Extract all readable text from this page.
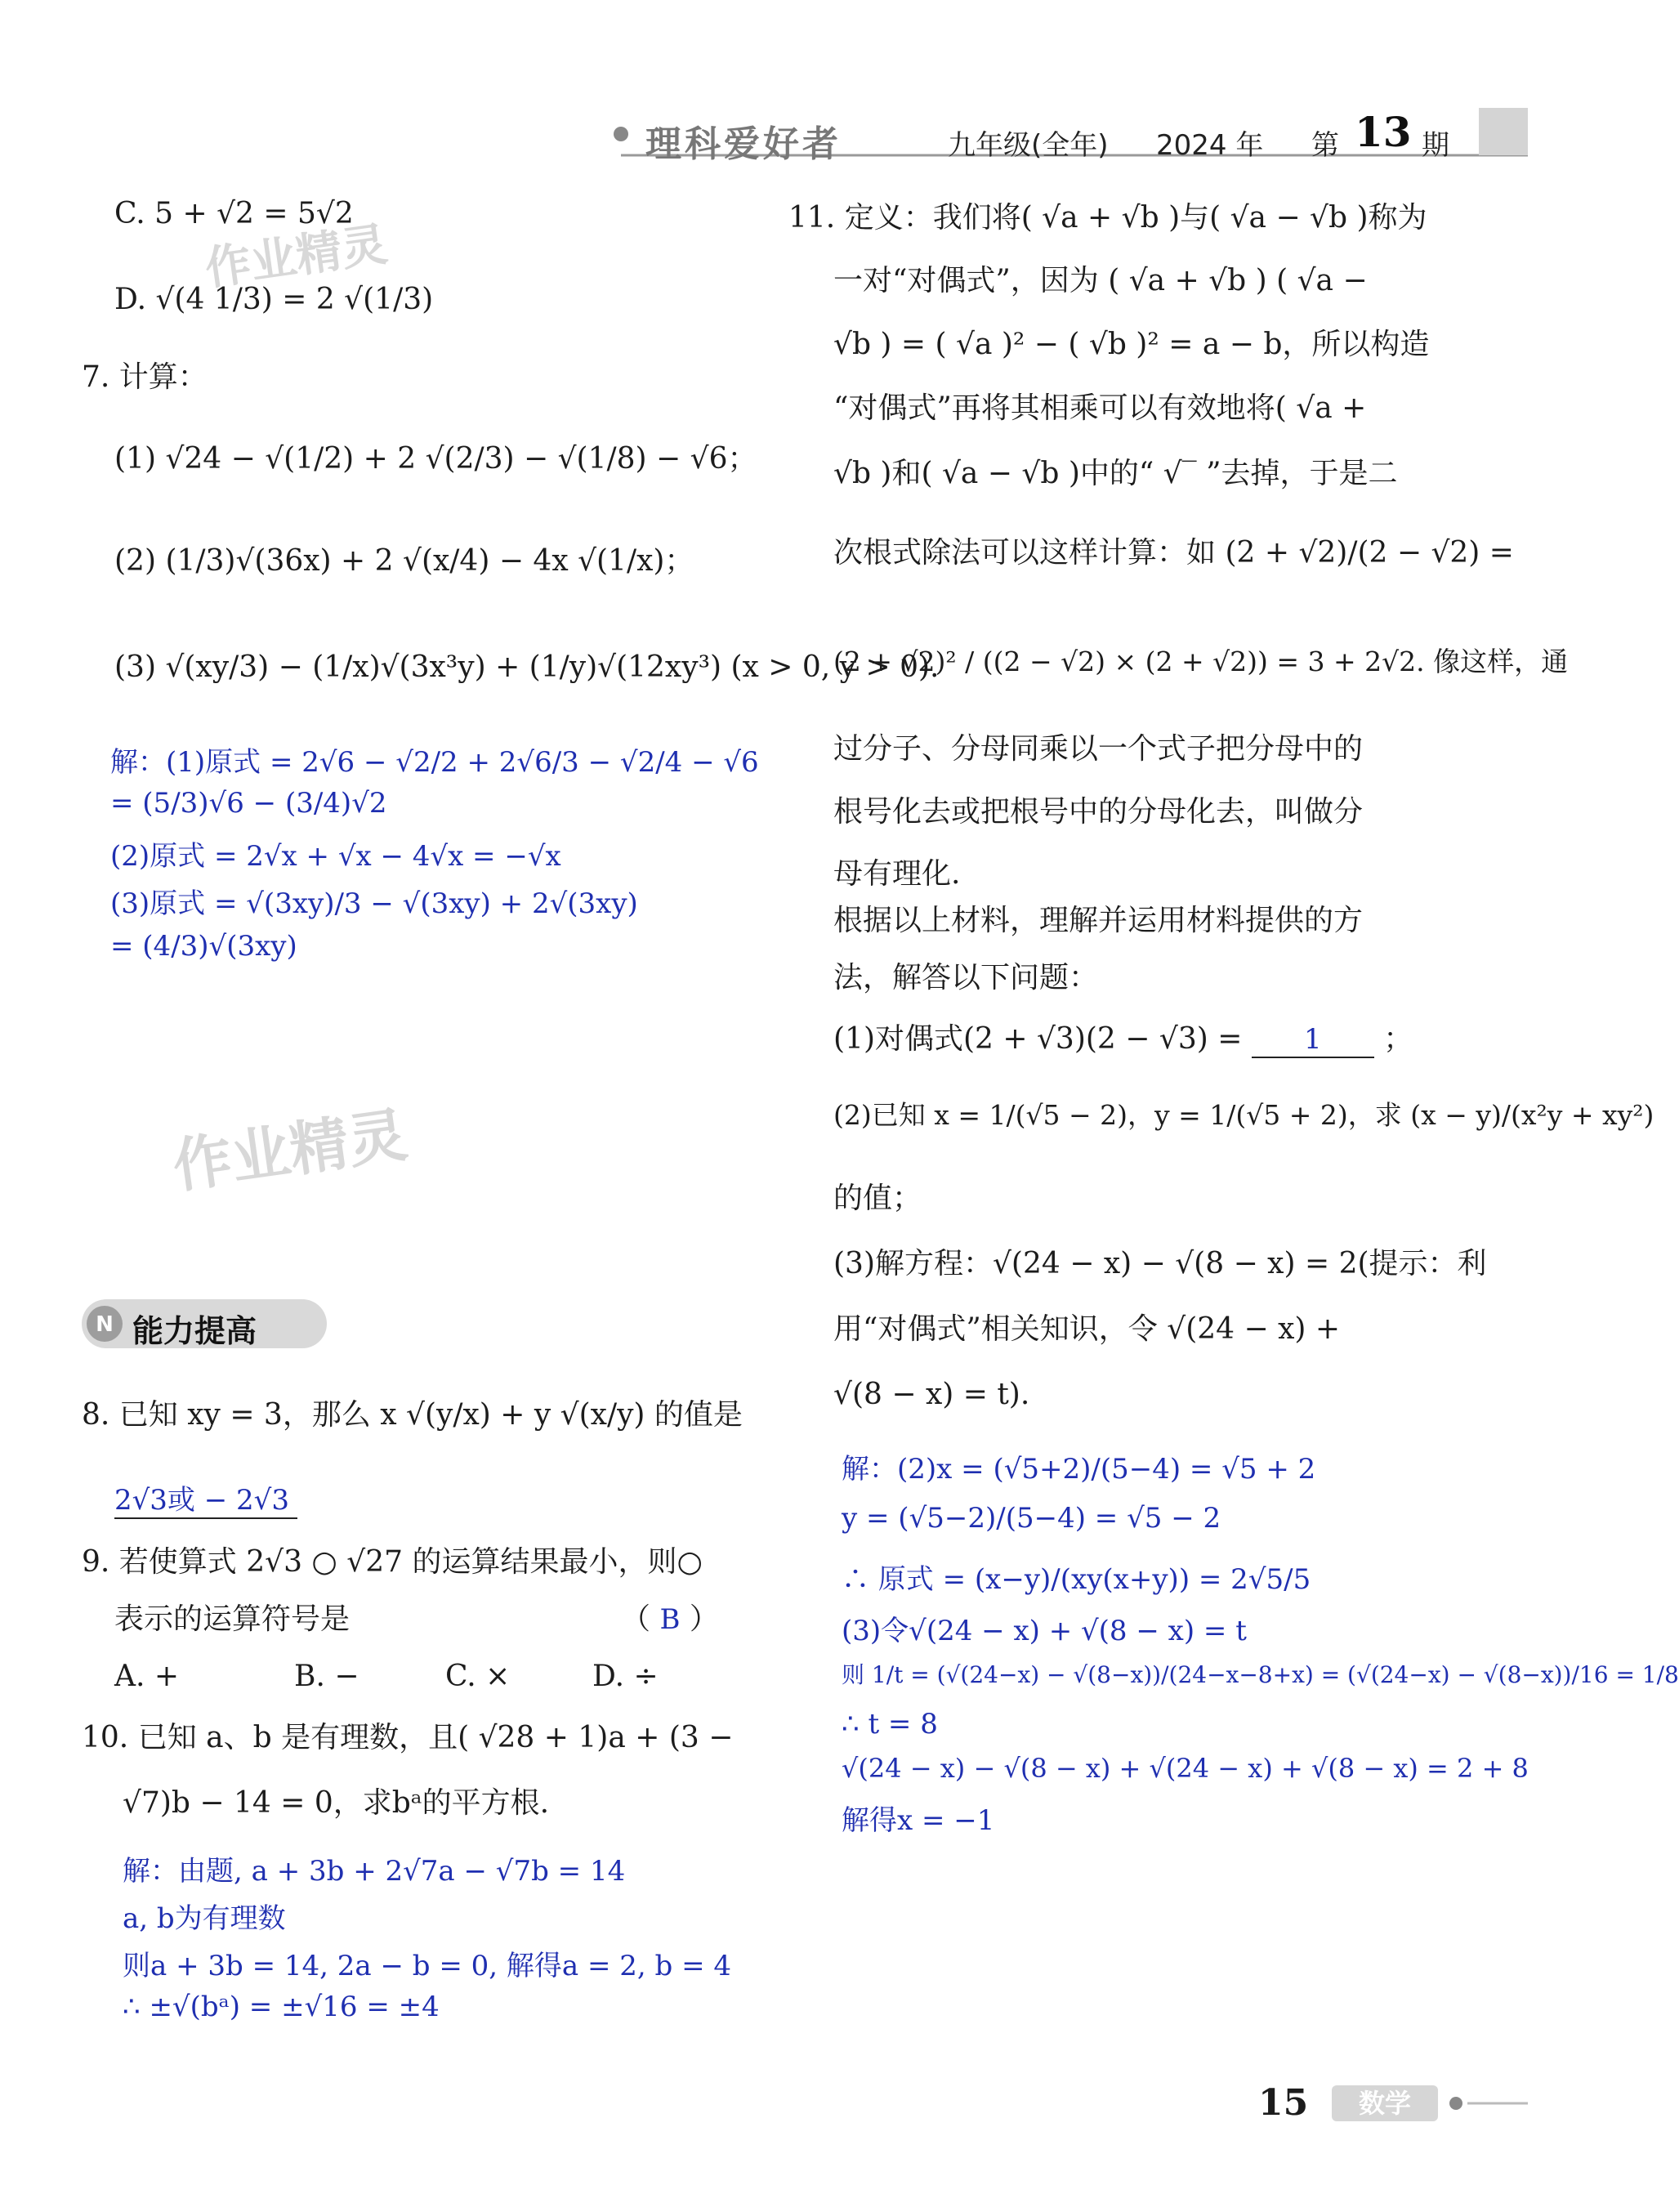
理科爱好者	九年级(全年) 2024 年 第 13 期
作业精灵
作业精灵
C. 5 + √2 = 5√2
D. √(4 1/3) = 2 √(1/3)
7. 计算：
(1) √24 − √(1/2) + 2 √(2/3) − √(1/8) − √6；
(2) (1/3)√(36x) + 2 √(x/4) − 4x √(1/x)；
(3) √(xy/3) − (1/x)√(3x³y) + (1/y)√(12xy³) (x > 0, y > 0).
解：(1)原式 = 2√6 − √2/2 + 2√6/3 − √2/4 − √6
= (5/3)√6 − (3/4)√2
(2)原式 = 2√x + √x − 4√x = −√x
(3)原式 = √(3xy)/3 − √(3xy) + 2√(3xy)
= (4/3)√(3xy)
N 能力提高
8. 已知 xy = 3，那么 x √(y/x) + y √(x/y) 的值是
2√3或 − 2√3
9. 若使算式 2√3 ○ √27 的运算结果最小，则○
表示的运算符号是	（ B ）
A. +	B. −	C. ×	D. ÷
10. 已知 a、b 是有理数，且( √28 + 1)a + (3 −
√7)b − 14 = 0，求bᵃ的平方根.
解：由题, a + 3b + 2√7a − √7b = 14
a, b为有理数
则a + 3b = 14, 2a − b = 0, 解得a = 2, b = 4
∴ ±√(bᵃ) = ±√16 = ±4
11. 定义：我们将( √a + √b )与( √a − √b )称为
一对“对偶式”，因为 ( √a + √b ) ( √a −
√b ) = ( √a )² − ( √b )² = a − b，所以构造
“对偶式”再将其相乘可以有效地将( √a +
√b )和( √a − √b )中的“ √‾ ”去掉，于是二
次根式除法可以这样计算：如 (2 + √2)/(2 − √2) =
(2 + √2)² / ((2 − √2) × (2 + √2)) = 3 + 2√2. 像这样，通
过分子、分母同乘以一个式子把分母中的
根号化去或把根号中的分母化去，叫做分
母有理化.
根据以上材料，理解并运用材料提供的方
法，解答以下问题：
(1)对偶式(2 + √3)(2 − √3) = 1 ；
(2)已知 x = 1/(√5 − 2)，y = 1/(√5 + 2)，求 (x − y)/(x²y + xy²)
的值；
(3)解方程：√(24 − x) − √(8 − x) = 2(提示：利
用“对偶式”相关知识，令 √(24 − x) +
√(8 − x) = t).
解：(2)x = (√5+2)/(5−4) = √5 + 2
y = (√5−2)/(5−4) = √5 − 2
∴ 原式 = (x−y)/(xy(x+y)) = 2√5/5
(3)令√(24 − x) + √(8 − x) = t
则 1/t = (√(24−x) − √(8−x))/(24−x−8+x) = (√(24−x) − √(8−x))/16 = 1/8
∴ t = 8
√(24 − x) − √(8 − x) + √(24 − x) + √(8 − x) = 2 + 8
解得x = −1
15	数学
